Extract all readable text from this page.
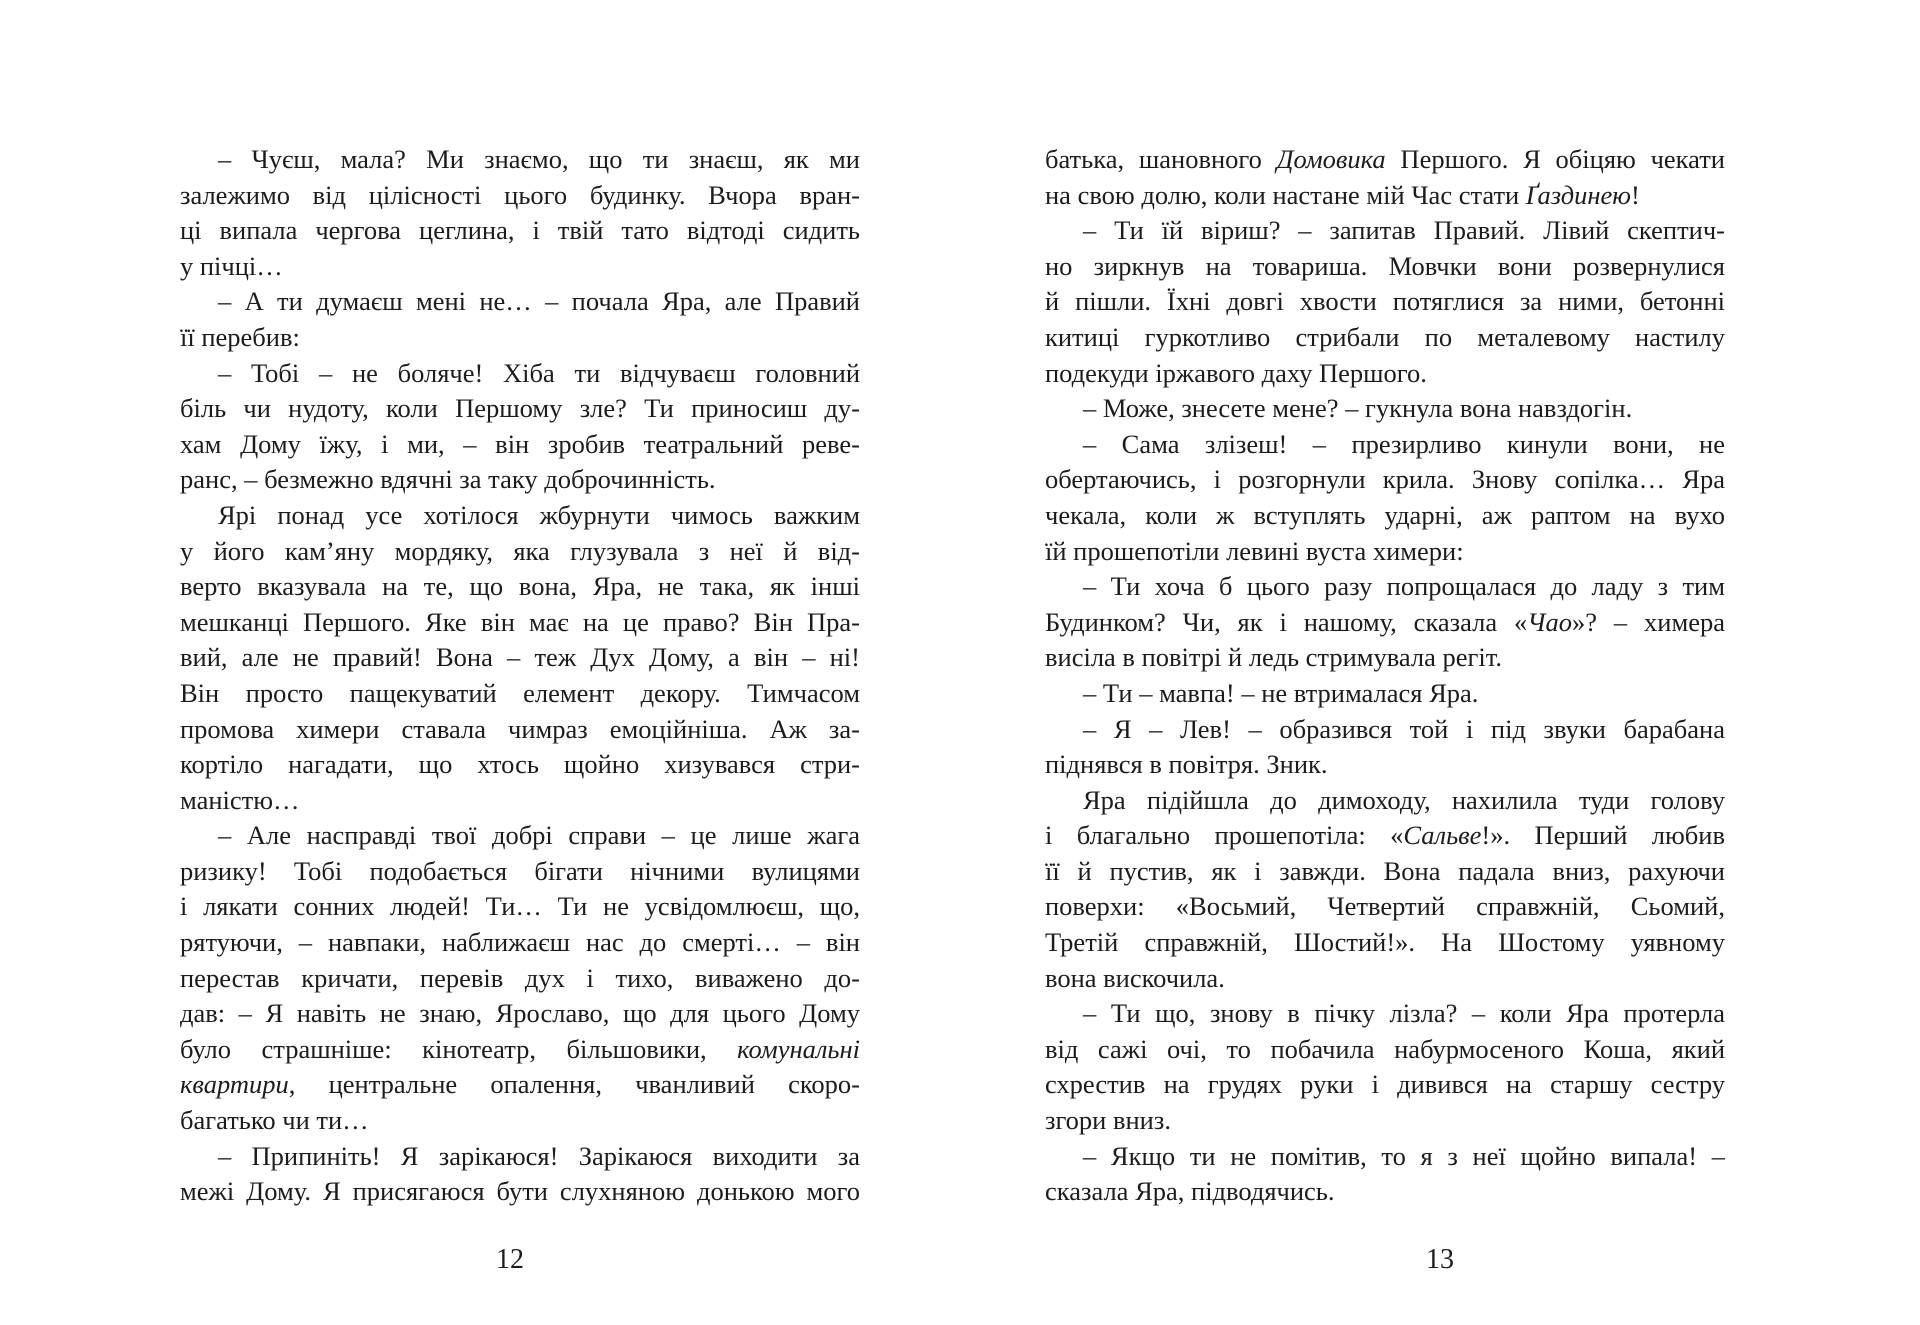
– Чуєш, мала? Ми знаємо, що ти знаєш, як ми
залежимо від цілісності цього будинку. Вчора вран-
ці випала чергова цеглина, і твій тато відтоді сидить
у пічці…
– А ти думаєш мені не… – почала Яра, але Правий
її перебив:
– Тобі – не боляче! Хіба ти відчуваєш головний
біль чи нудоту, коли Першому зле? Ти приносиш ду-
хам Дому їжу, і ми, – він зробив театральний реве-
ранс, – безмежно вдячні за таку доброчинність.
Ярі понад усе хотілося жбурнути чимось важким
у його кам’яну мордяку, яка глузувала з неї й від-
верто вказувала на те, що вона, Яра, не така, як інші
мешканці Першого. Яке він має на це право? Він Пра-
вий, але не правий! Вона – теж Дух Дому, а він – ні!
Він просто пащекуватий елемент декору. Тимчасом
промова химери ставала чимраз емоційніша. Аж за-
кортіло нагадати, що хтось щойно хизувався стри-
маністю…
– Але насправді твої добрі справи – це лише жага
ризику! Тобі подобається бігати нічними вулицями
і лякати сонних людей! Ти… Ти не усвідомлюєш, що,
рятуючи, – навпаки, наближаєш нас до смерті… – він
перестав кричати, перевів дух і тихо, виважено до-
дав: – Я навіть не знаю, Ярославо, що для цього Дому
було страшніше: кінотеатр, більшовики, комунальні
квартири, центральне опалення, чванливий скоро-
багатько чи ти…
– Припиніть! Я зарікаюся! Зарікаюся виходити за
межі Дому. Я присягаюся бути слухняною донькою мого
12
батька, шановного Домовика Першого. Я обіцяю чекати
на свою долю, коли настане мій Час стати Ґаздинею!
– Ти їй віриш? – запитав Правий. Лівий скептич-
но зиркнув на товариша. Мовчки вони розвернулися
й пішли. Їхні довгі хвости потяглися за ними, бетонні
китиці гуркотливо стрибали по металевому настилу
подекуди іржавого даху Першого.
– Може, знесете мене? – гукнула вона навздогін.
– Сама злізеш! – презирливо кинули вони, не
обертаючись, і розгорнули крила. Знову сопілка… Яра
чекала, коли ж вступлять ударні, аж раптом на вухо
їй прошепотіли левині вуста химери:
– Ти хоча б цього разу попрощалася до ладу з тим
Будинком? Чи, як і нашому, сказала «Чао»? – химера
висіла в повітрі й ледь стримувала регіт.
– Ти – мавпа! – не втрималася Яра.
– Я – Лев! – образився той і під звуки барабана
піднявся в повітря. Зник.
Яра підійшла до димоходу, нахилила туди голову
і благально прошепотіла: «Сальве!». Перший любив
її й пустив, як і завжди. Вона падала вниз, рахуючи
поверхи: «Восьмий, Четвертий справжній, Сьомий,
Третій справжній, Шостий!». На Шостому уявному
вона вискочила.
– Ти що, знову в пічку лізла? – коли Яра протерла
від сажі очі, то побачила набурмосеного Коша, який
схрестив на грудях руки і дивився на старшу сестру
згори вниз.
– Якщо ти не помітив, то я з неї щойно випала! –
сказала Яра, підводячись.
13
